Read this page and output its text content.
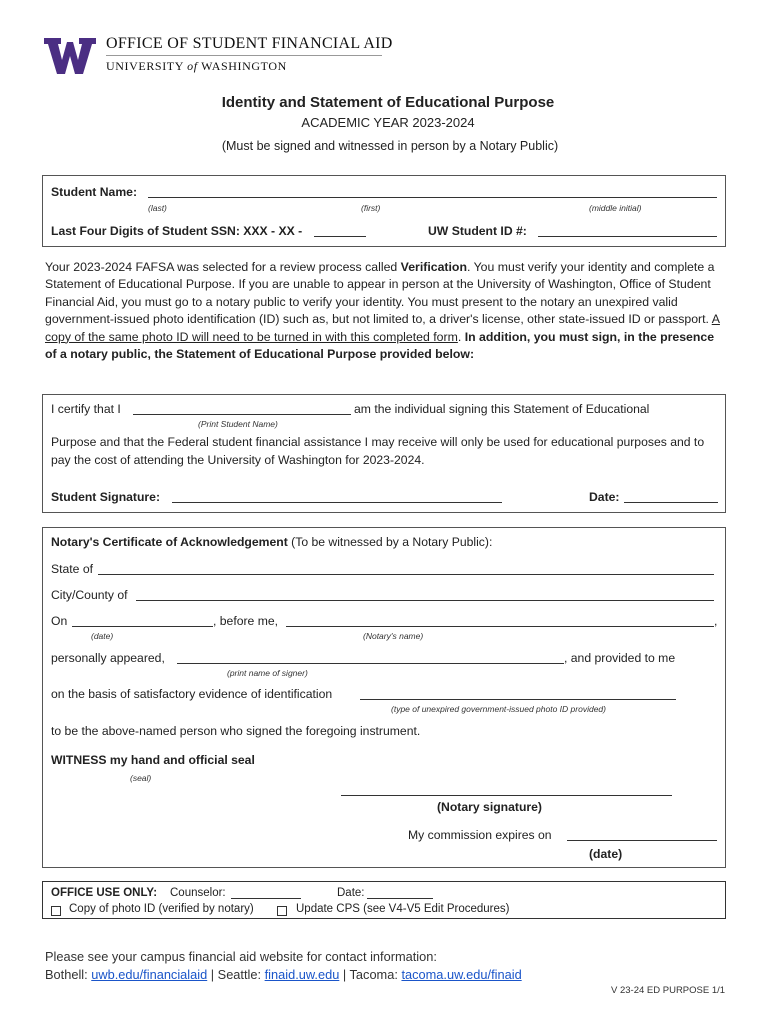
OFFICE OF STUDENT FINANCIAL AID
UNIVERSITY of WASHINGTON
Identity and Statement of Educational Purpose
ACADEMIC YEAR 2023-2024
(Must be signed and witnessed in person by a Notary Public)
Student Name:
(last)	(first)	(middle initial)
Last Four Digits of Student SSN: XXX - XX -	UW Student ID #:
Your 2023-2024 FAFSA was selected for a review process called Verification. You must verify your identity and complete a Statement of Educational Purpose. If you are unable to appear in person at the University of Washington, Office of Student Financial Aid, you must go to a notary public to verify your identity. You must present to the notary an unexpired valid government-issued photo identification (ID) such as, but not limited to, a driver's license, other state-issued ID or passport. A copy of the same photo ID will need to be turned in with this completed form. In addition, you must sign, in the presence of a notary public, the Statement of Educational Purpose provided below:
I certify that I	am the individual signing this Statement of Educational
(Print Student Name)
Purpose and that the Federal student financial assistance I may receive will only be used for educational purposes and to pay the cost of attending the University of Washington for 2023-2024.
Student Signature:	Date:
Notary's Certificate of Acknowledgement (To be witnessed by a Notary Public):
State of
City/County of
On	, before me,	,
(date)	(Notary's name)
personally appeared,	, and provided to me
(print name of signer)
on the basis of satisfactory evidence of identification
(type of unexpired government-issued photo ID provided)
to be the above-named person who signed the foregoing instrument.
WITNESS my hand and official seal
(seal)
(Notary signature)
My commission expires on
(date)
OFFICE USE ONLY: Counselor:	Date:
Copy of photo ID (verified by notary)	Update CPS (see V4-V5 Edit Procedures)
Please see your campus financial aid website for contact information:
Bothell: uwb.edu/financialaid | Seattle: finaid.uw.edu | Tacoma: tacoma.uw.edu/finaid
V 23-24 ED PURPOSE 1/1
